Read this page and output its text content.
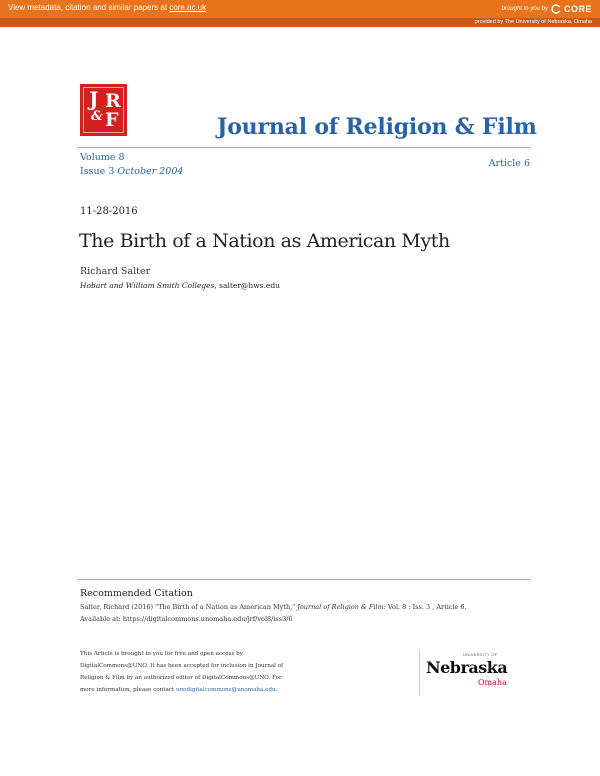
View metadata, citation and similar papers at core.ac.uk	brought to you by CORE
provided by The University of Nebraska, Omaha
J R
& F	Journal of Religion & Film
Volume 8
Issue 3 October 2004
Article 6
11-28-2016
The Birth of a Nation as American Myth
Richard Salter
Hobart and William Smith Colleges, salter@hws.edu
Recommended Citation
Salter, Richard (2016) "The Birth of a Nation as American Myth," Journal of Religion & Film: Vol. 8 : Iss. 3 , Article 6.
Available at: https://digitalcommons.unomaha.edu/jrf/vol8/iss3/6
This Article is brought to you for free and open access by
DigitalCommons@UNO. It has been accepted for inclusion in Journal of
Religion & Film by an authorized editor of DigitalCommons@UNO. For
more information, please contact unodigitalcommons@unomaha.edu.
UNIVERSITY OF
Nebraska
Omaha
